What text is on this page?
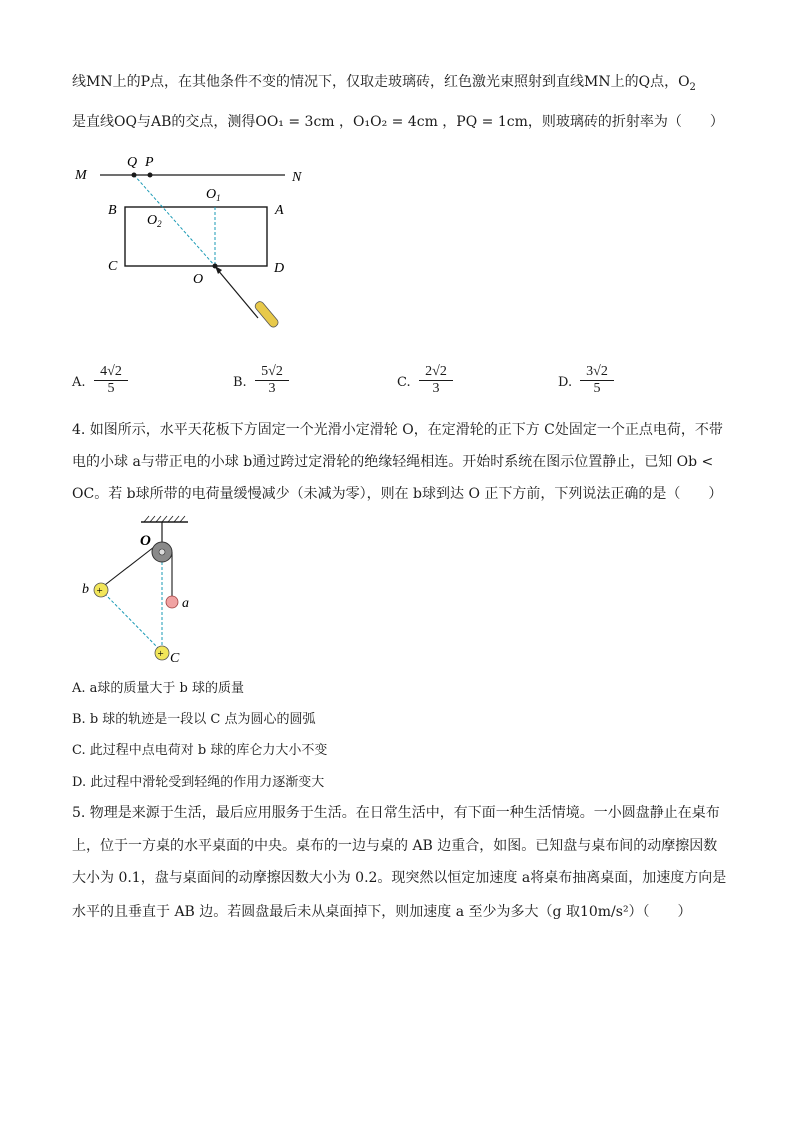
线MN上的P点，在其他条件不变的情况下，仅取走玻璃砖，红色激光束照射到直线MN上的Q点，$O_2$
是直线OQ与AB的交点，测得OO₁ = 3cm ，O₁O₂ = 4cm ，PQ = 1cm，则玻璃砖的折射率为（　　）
M	N
Q P
$O_1$
B	A
$O_2$
C	D
O
A. $\frac{4√2}{5}$	B. $\frac{5√2}{3}$	C. $\frac{2√2}{3}$	D. $\frac{3√2}{5}$
4. 如图所示，水平天花板下方固定一个光滑小定滑轮 O，在定滑轮的正下方 C处固定一个正点电荷，不带
电的小球 a与带正电的小球 b通过跨过定滑轮的绝缘轻绳相连。开始时系统在图示位置静止，已知 Ob <
OC。若 b球所带的电荷量缓慢减少（未减为零），则在 b球到达 O 正下方前，下列说法正确的是（　　）
+
+
O
b
a
C
A. a球的质量大于 b 球的质量
B. b 球的轨迹是一段以 C 点为圆心的圆弧
C. 此过程中点电荷对 b 球的库仑力大小不变
D. 此过程中滑轮受到轻绳的作用力逐渐变大
5. 物理是来源于生活，最后应用服务于生活。在日常生活中，有下面一种生活情境。一小圆盘静止在桌布
上，位于一方桌的水平桌面的中央。桌布的一边与桌的 AB 边重合，如图。已知盘与桌布间的动摩擦因数
大小为 0.1，盘与桌面间的动摩擦因数大小为 0.2。现突然以恒定加速度 a将桌布抽离桌面，加速度方向是
水平的且垂直于 AB 边。若圆盘最后未从桌面掉下，则加速度 a 至少为多大（g 取10m/s²）（　　）
